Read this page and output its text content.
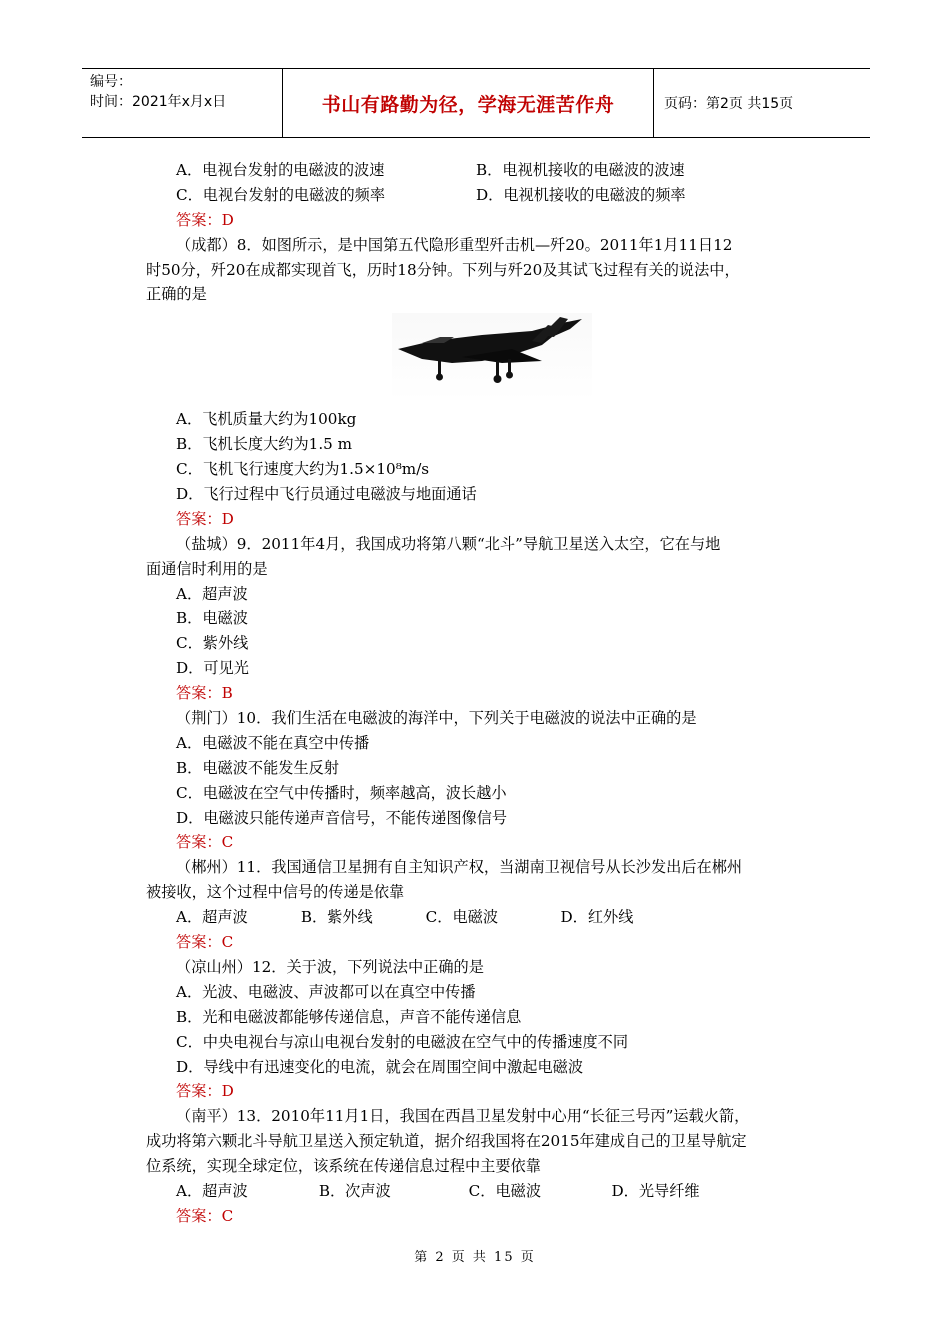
编号：
时间：2021年x月x日	书山有路勤为径，学海无涯苦作舟	页码：第2页 共15页
A．电视台发射的电磁波的波速	B．电视机接收的电磁波的波速
C．电视台发射的电磁波的频率	D．电视机接收的电磁波的频率
答案：D
（成都）8．如图所示，是中国第五代隐形重型歼击机—歼20。2011年1月11日12
时50分，歼20在成都实现首飞，历时18分钟。下列与歼20及其试飞过程有关的说法中，
正确的是
A．飞机质量大约为100kg
B．飞机长度大约为1.5 m
C．飞机飞行速度大约为1.5×10⁸m/s
D．飞行过程中飞行员通过电磁波与地面通话
答案：D
（盐城）9．2011年4月，我国成功将第八颗“北斗”导航卫星送入太空，它在与地
面通信时利用的是
A．超声波
B．电磁波
C．紫外线
D．可见光
答案：B
（荆门）10．我们生活在电磁波的海洋中，下列关于电磁波的说法中正确的是
A．电磁波不能在真空中传播
B．电磁波不能发生反射
C．电磁波在空气中传播时，频率越高，波长越小
D．电磁波只能传递声音信号，不能传递图像信号
答案：C
（郴州）11．我国通信卫星拥有自主知识产权，当湖南卫视信号从长沙发出后在郴州
被接收，这个过程中信号的传递是依靠
A．超声波	B．紫外线	C．电磁波	D．红外线
答案：C
（凉山州）12．关于波，下列说法中正确的是
A．光波、电磁波、声波都可以在真空中传播
B．光和电磁波都能够传递信息，声音不能传递信息
C．中央电视台与凉山电视台发射的电磁波在空气中的传播速度不同
D．导线中有迅速变化的电流，就会在周围空间中激起电磁波
答案：D
（南平）13．2010年11月1日，我国在西昌卫星发射中心用“长征三号丙”运载火箭，
成功将第六颗北斗导航卫星送入预定轨道，据介绍我国将在2015年建成自己的卫星导航定
位系统，实现全球定位，该系统在传递信息过程中主要依靠
A．超声波	B．次声波	C．电磁波	D．光导纤维
答案：C
第 2 页 共 15 页
